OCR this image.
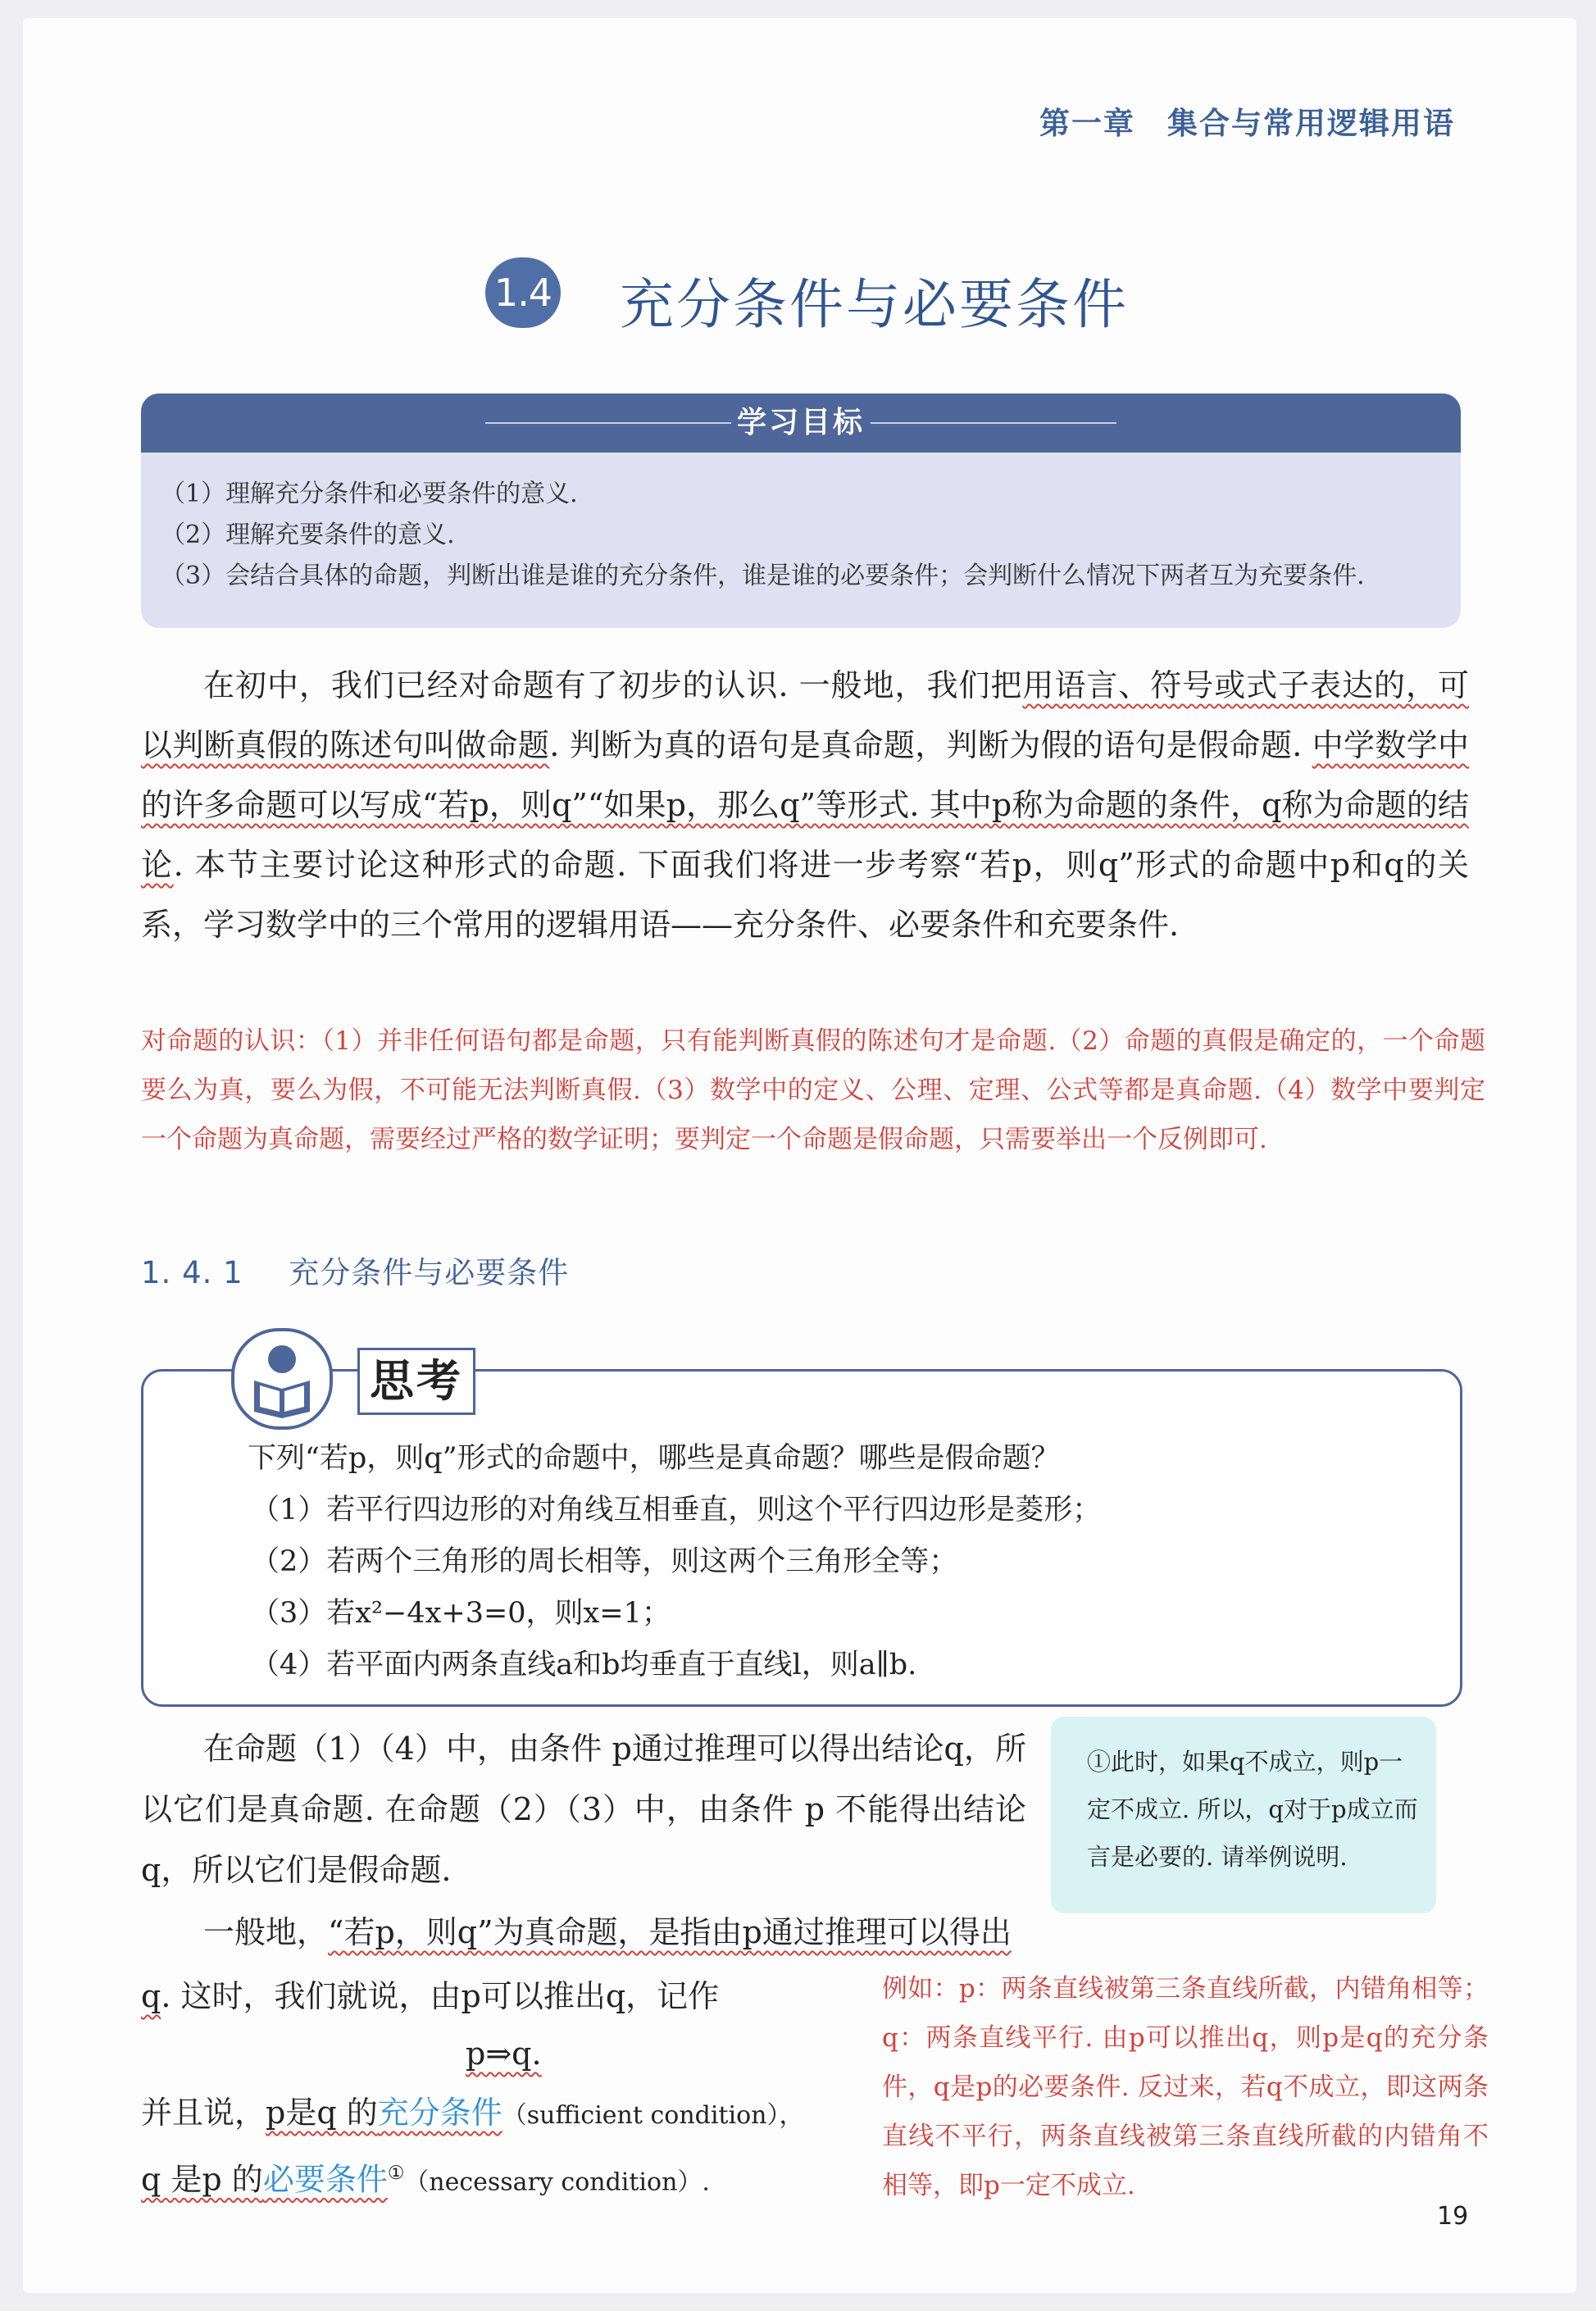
第一章　集合与常用逻辑用语
1.4 充分条件与必要条件
学习目标
（1）理解充分条件和必要条件的意义.
（2）理解充要条件的意义.
（3）会结合具体的命题，判断出谁是谁的充分条件，谁是谁的必要条件；会判断什么情况下两者互为充要条件.
在初中，我们已经对命题有了初步的认识. 一般地，我们把用语言、符号或式子表达的，可以判断真假的陈述句叫做命题. 判断为真的语句是真命题，判断为假的语句是假命题. 中学数学中的许多命题可以写成“若p，则q”“如果p，那么q”等形式. 其中p称为命题的条件，q称为命题的结论. 本节主要讨论这种形式的命题. 下面我们将进一步考察“若p，则q”形式的命题中p和q的关系，学习数学中的三个常用的逻辑用语——充分条件、必要条件和充要条件.
对命题的认识：（1）并非任何语句都是命题，只有能判断真假的陈述句才是命题.（2）命题的真假是确定的，一个命题要么为真，要么为假，不可能无法判断真假.（3）数学中的定义、公理、定理、公式等都是真命题.（4）数学中要判定一个命题为真命题，需要经过严格的数学证明；要判定一个命题是假命题，只需要举出一个反例即可.
1. 4. 1 充分条件与必要条件
思考
下列“若p，则q”形式的命题中，哪些是真命题？哪些是假命题？
（1）若平行四边形的对角线互相垂直，则这个平行四边形是菱形；
（2）若两个三角形的周长相等，则这两个三角形全等；
（3）若x²−4x+3=0，则x=1；
（4）若平面内两条直线a和b均垂直于直线l，则a∥b.
在命题（1）（4）中，由条件 p通过推理可以得出结论q，所以它们是真命题. 在命题（2）（3）中，由条件 p 不能得出结论q，所以它们是假命题.
一般地，“若p，则q”为真命题，是指由p通过推理可以得出q. 这时，我们就说，由p可以推出q，记作
p⇒q.
并且说，p是q 的充分条件（sufficient condition），
q 是p 的必要条件①（necessary condition）.
①此时，如果q不成立，则p一定不成立. 所以，q对于p成立而言是必要的. 请举例说明.
例如：p：两条直线被第三条直线所截，内错角相等；q：两条直线平行. 由p可以推出q，则p是q的充分条件，q是p的必要条件. 反过来，若q不成立，即这两条直线不平行，两条直线被第三条直线所截的内错角不相等，即p一定不成立.
19
